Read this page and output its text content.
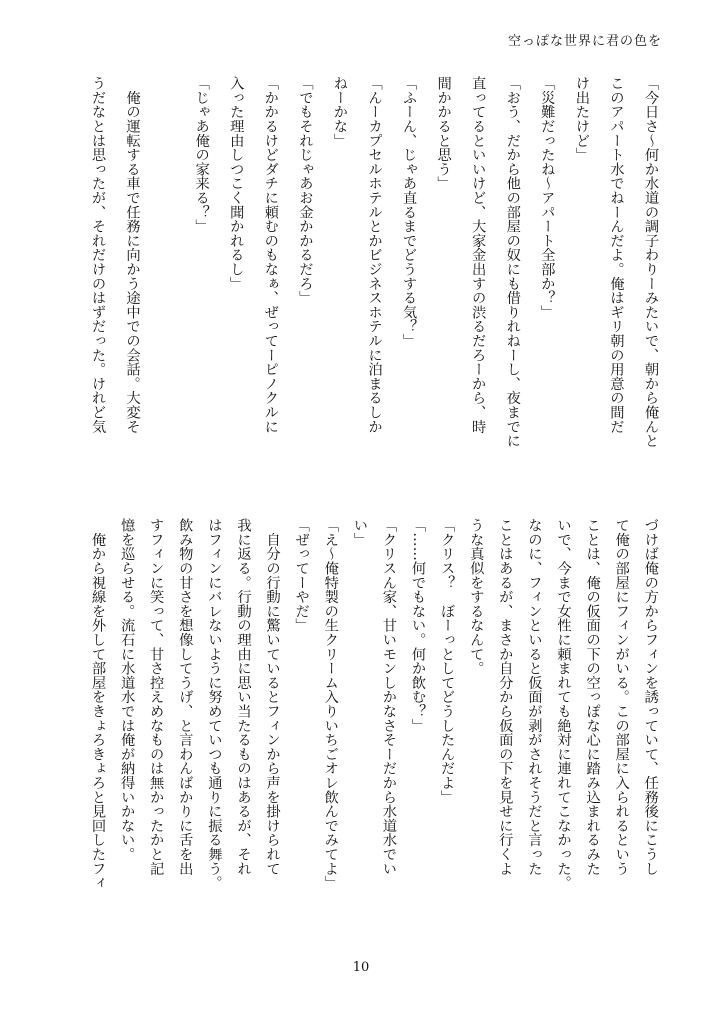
空っぽな世界に君の色を
「今日さ〜何か水道の調子わりーみたいで、朝から俺んと
このアパート水でねーんだよ。俺はギリ朝の用意の間だ
け出たけど」
「災難だったね〜アパート全部か？」
「おう、だから他の部屋の奴にも借りれねーし、夜までに
直ってるといいけど、大家金出すの渋るだろーから、時
間かかると思う」
「ふーん、じゃあ直るまでどうする気？」
「んーカプセルホテルとかビジネスホテルに泊まるしか
ねーかな」
「でもそれじゃあお金かかるだろ」
「かかるけどダチに頼むのもなぁ、ぜってーピノクルに
入った理由しつこく聞かれるし」
「じゃあ俺の家来る？」
　俺の運転する車で任務に向かう途中での会話。大変そ
うだなとは思ったが、それだけのはずだった。けれど気
づけば俺の方からフィンを誘っていて、任務後にこうし
て俺の部屋にフィンがいる。この部屋に入られるという
ことは、俺の仮面の下の空っぽな心に踏み込まれるみた
いで、今まで女性に頼まれても絶対に連れてこなかった。
なのに、フィンといると仮面が剥がされそうだと言った
ことはあるが、まさか自分から仮面の下を見せに行くよ
うな真似をするなんて。
「クリス？　ぼーっとしてどうしたんだよ」
「……何でもない。何か飲む？」
「クリスん家、甘いモンしかなさそーだから水道水でい
い」
「え〜俺特製の生クリーム入りいちごオレ飲んでみてよ」
「ぜってーやだ」
　自分の行動に驚いているとフィンから声を掛けられて
我に返る。行動の理由に思い当たるものはあるが、それ
はフィンにバレないように努めていつも通りに振る舞う。
飲み物の甘さを想像してうげ、と言わんばかりに舌を出
すフィンに笑って、甘さ控えめなものは無かったかと記
憶を巡らせる。流石に水道水では俺が納得いかない。
　俺から視線を外して部屋をきょろきょろと見回したフィ
10
